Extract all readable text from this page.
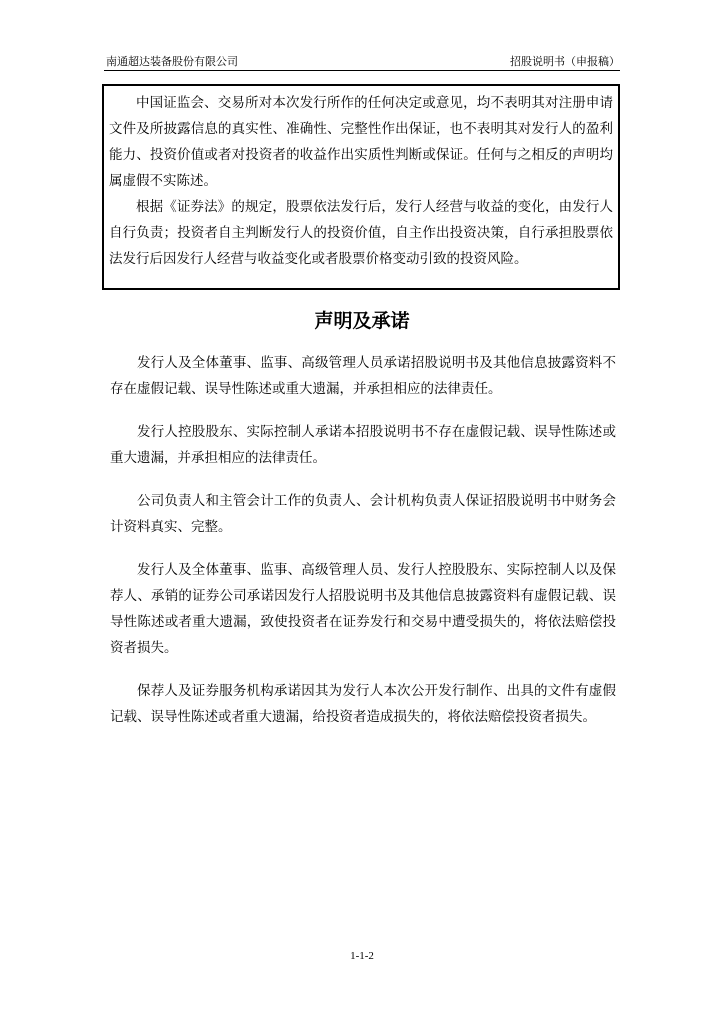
南通超达装备股份有限公司	招股说明书（申报稿）

中国证监会、交易所对本次发行所作的任何决定或意见，均不表明其对注册申请文件及所披露信息的真实性、准确性、完整性作出保证，也不表明其对发行人的盈利能力、投资价值或者对投资者的收益作出实质性判断或保证。任何与之相反的声明均属虚假不实陈述。

根据《证券法》的规定，股票依法发行后，发行人经营与收益的变化，由发行人自行负责；投资者自主判断发行人的投资价值，自主作出投资决策，自行承担股票依法发行后因发行人经营与收益变化或者股票价格变动引致的投资风险。

声明及承诺

发行人及全体董事、监事、高级管理人员承诺招股说明书及其他信息披露资料不存在虚假记载、误导性陈述或重大遗漏，并承担相应的法律责任。

发行人控股股东、实际控制人承诺本招股说明书不存在虚假记载、误导性陈述或重大遗漏，并承担相应的法律责任。

公司负责人和主管会计工作的负责人、会计机构负责人保证招股说明书中财务会计资料真实、完整。

发行人及全体董事、监事、高级管理人员、发行人控股股东、实际控制人以及保荐人、承销的证券公司承诺因发行人招股说明书及其他信息披露资料有虚假记载、误导性陈述或者重大遗漏，致使投资者在证券发行和交易中遭受损失的，将依法赔偿投资者损失。

保荐人及证券服务机构承诺因其为发行人本次公开发行制作、出具的文件有虚假记载、误导性陈述或者重大遗漏，给投资者造成损失的，将依法赔偿投资者损失。

1-1-2
